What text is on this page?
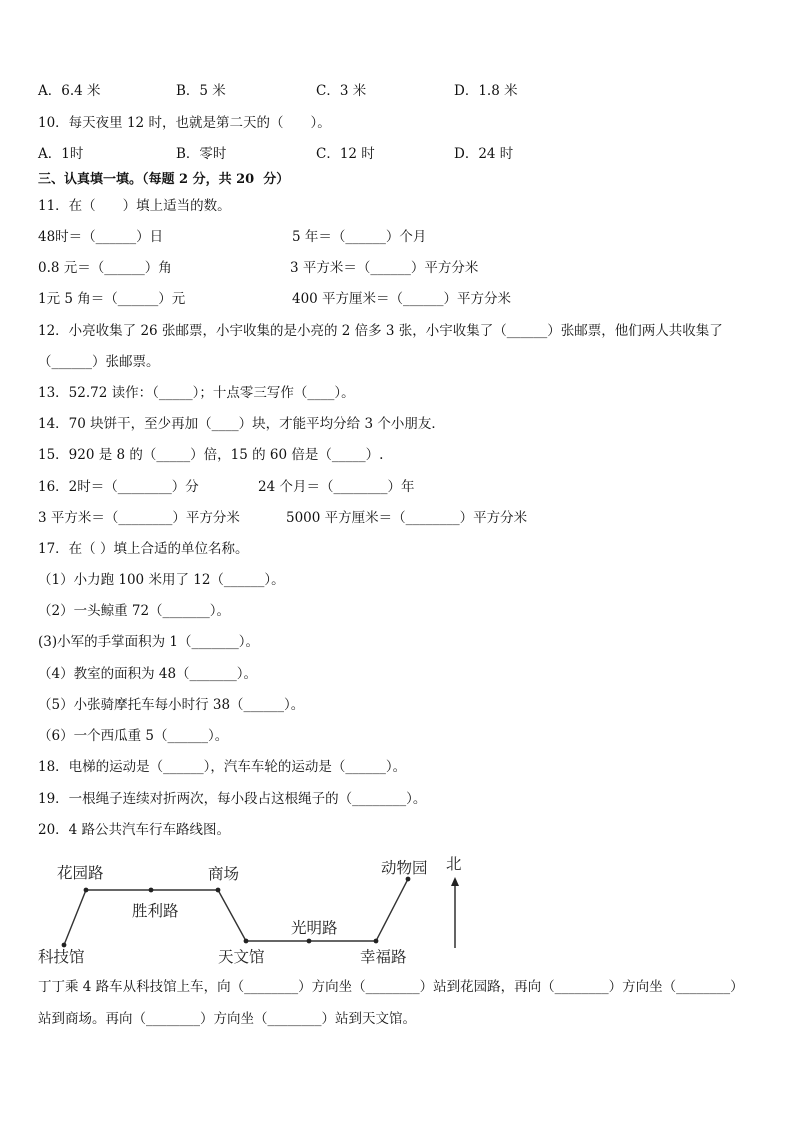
A．6.4 米	B．5 米	C．3 米	D．1.8 米
10．每天夜里 12 时，也就是第二天的（　　）。
A．1时	B．零时	C．12 时	D．24 时
三、认真填一填。（每题 2 分，共 20  分）
11．在（　　）填上适当的数。
48时＝（______）日	5 年＝（______）个月
0.8 元＝（______）角	3 平方米＝（______）平方分米
1元 5 角＝（______）元	400 平方厘米＝（______）平方分米
12．小亮收集了 26 张邮票，小宇收集的是小亮的 2 倍多 3 张，小宇收集了（______）张邮票，他们两人共收集了
（______）张邮票。
13．52.72 读作：（_____）；十点零三写作（____）。
14．70 块饼干，至少再加（____）块，才能平均分给 3 个小朋友．
15．920 是 8 的（_____）倍，15 的 60 倍是（_____）.
16．2时＝（________）分	24 个月＝（________）年
3 平方米＝（________）平方分米	5000 平方厘米＝（________）平方分米
17．在（ ）填上合适的单位名称。
（1）小力跑 100 米用了 12（______）。
（2）一头鲸重 72（_______）。
(3)小军的手掌面积为 1（_______）。
（4）教室的面积为 48（_______）。
（5）小张骑摩托车每小时行 38（______）。
（6）一个西瓜重 5（______）。
18．电梯的运动是（______），汽车车轮的运动是（______）。
19．一根绳子连续对折两次，每小段占这根绳子的（________）。
20．4 路公共汽车行车路线图。
科技馆
花园路
胜利路
商场
天文馆
光明路
幸福路
动物园 北
丁丁乘 4 路车从科技馆上车，向（________）方向坐（________）站到花园路，再向（________）方向坐（________）
站到商场。再向（________）方向坐（________）站到天文馆。
